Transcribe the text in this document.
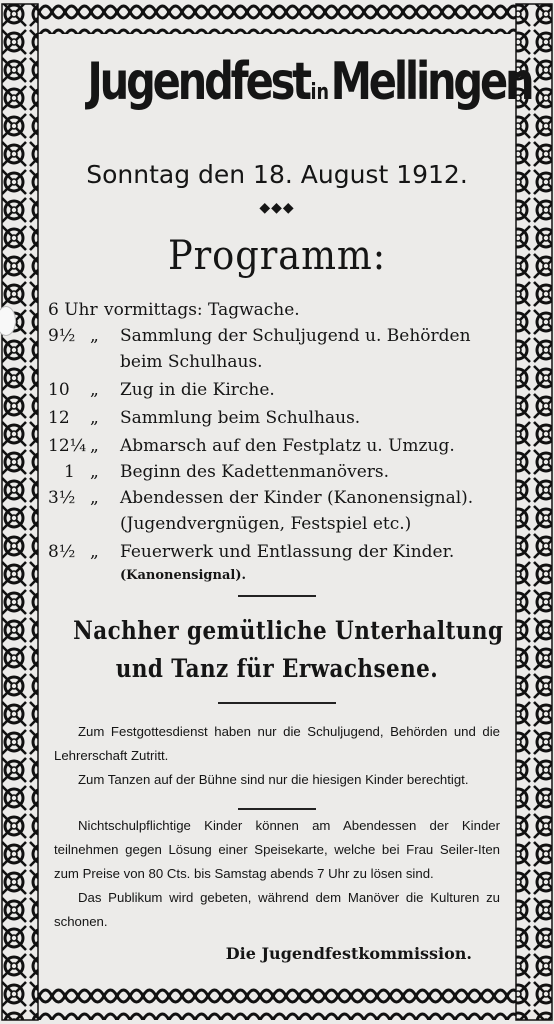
JugendfestinMellingen
Sonntag den 18. August 1912.
◆◆◆
Programm:
6 Uhr vormittags: Tagwache.
9½ „ Sammlung der Schuljugend u. Behörden
beim Schulhaus.
10 „ Zug in die Kirche.
12 „ Sammlung beim Schulhaus.
12¼ „ Abmarsch auf den Festplatz u. Umzug.
1 „ Beginn des Kadettenmanövers.
3½ „ Abendessen der Kinder (Kanonensignal).
(Jugendvergnügen, Festspiel etc.)
8½ „ Feuerwerk und Entlassung der Kinder.
(Kanonensignal).
Nachher gemütliche Unterhaltung
und Tanz für Erwachsene.

Zum Festgottesdienst haben nur die Schuljugend, Behörden und die Lehrerschaft Zutritt.

Zum Tanzen auf der Bühne sind nur die hiesigen Kinder berechtigt.

Nichtschulpflichtige Kinder können am Abendessen der Kinder teilnehmen gegen Lösung einer Speisekarte, welche bei Frau Seiler-Iten zum Preise von 80 Cts. bis Samstag abends 7 Uhr zu lösen sind.

Das Publikum wird gebeten, während dem Manöver die Kulturen zu schonen.

Die Jugendfestkommission.
